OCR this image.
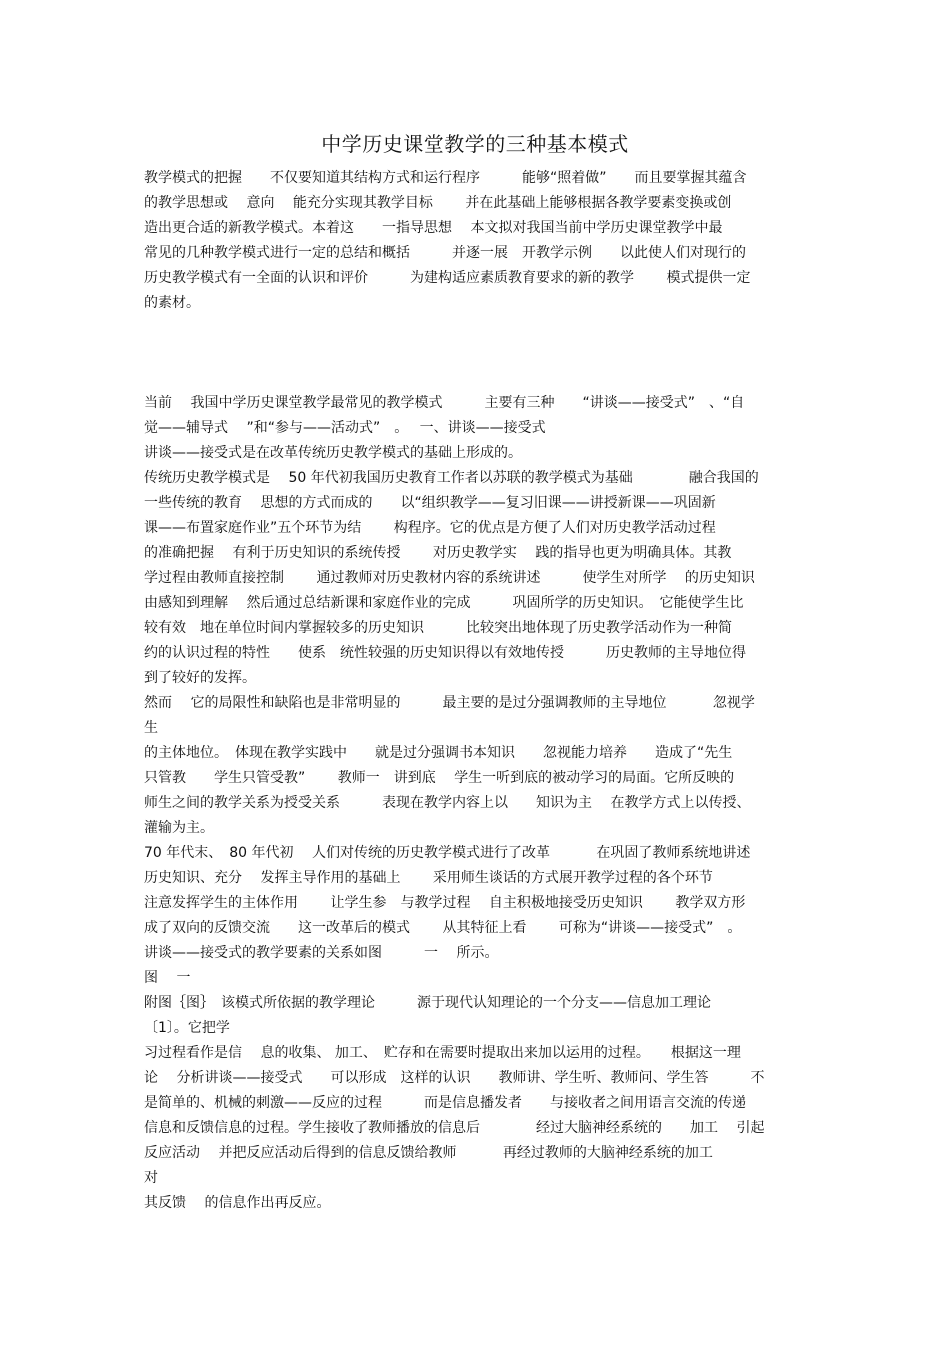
中学历史课堂教学的三种基本模式
教学模式的把握　　不仅要知道其结构方式和运行程序　　　能够“照着做”　　而且要掌握其蕴含
的教学思想或　 意向　 能充分实现其教学目标　　 并在此基础上能够根据各教学要素变换或创
造出更合适的新教学模式。本着这　　一指导思想　 本文拟对我国当前中学历史课堂教学中最
常见的几种教学模式进行一定的总结和概括　　　并逐一展　开教学示例　　以此使人们对现行的
历史教学模式有一全面的认识和评价　　　为建构适应素质教育要求的新的教学　　 模式提供一定
的素材。
当前　 我国中学历史课堂教学最常见的教学模式　　　主要有三种　　“讲谈——接受式”　、“自
觉——辅导式　 ”和“参与——活动式”　。　 一、讲谈——接受式
讲谈——接受式是在改革传统历史教学模式的基础上形成的。
传统历史教学模式是　 50 年代初我国历史教育工作者以苏联的教学模式为基础　　　　融合我国的
一些传统的教育　 思想的方式而成的　　以“组织教学——复习旧课——讲授新课——巩固新
课——布置家庭作业”五个环节为结　　 构程序。它的优点是方便了人们对历史教学活动过程
的准确把握　 有利于历史知识的系统传授　　 对历史教学实　 践的指导也更为明确具体。其教
学过程由教师直接控制　　 通过教师对历史教材内容的系统讲述　　　使学生对所学　 的历史知识
由感知到理解　 然后通过总结新课和家庭作业的完成　　　巩固所学的历史知识。　它能使学生比
较有效　地在单位时间内掌握较多的历史知识　　　比较突出地体现了历史教学活动作为一种简
约的认识过程的特性　　使系　统性较强的历史知识得以有效地传授　　　历史教师的主导地位得
到了较好的发挥。
然而　 它的局限性和缺陷也是非常明显的　　　最主要的是过分强调教师的主导地位　　　 忽视学
生
的主体地位。　体现在教学实践中　　就是过分强调书本知识　　忽视能力培养　　造成了“先生
只管教　　学生只管受教”　　 教师一　讲到底　 学生一听到底的被动学习的局面。它所反映的
师生之间的教学关系为授受关系　　　表现在教学内容上以　　知识为主　 在教学方式上以传授、
灌输为主。
70 年代末、　80 年代初　 人们对传统的历史教学模式进行了改革　　　 在巩固了教师系统地讲述
历史知识、充分　 发挥主导作用的基础上　　 采用师生谈话的方式展开教学过程的各个环节
注意发挥学生的主体作用　　 让学生参　与教学过程　 自主积极地接受历史知识　　 教学双方形
成了双向的反馈交流　　这一改革后的模式　　 从其特征上看　　 可称为“讲谈——接受式”　。
讲谈——接受式的教学要素的关系如图　　　一　 所示。
图　 一
附图｛图｝　该模式所依据的教学理论　　　源于现代认知理论的一个分支——信息加工理论
〔1〕。它把学
习过程看作是信　 息的收集、 加工、　贮存和在需要时提取出来加以运用的过程。　　根据这一理
论　 分析讲谈——接受式　　可以形成　这样的认识　　教师讲、学生听、教师问、学生答　　　不
是简单的、机械的刺激——反应的过程　　　而是信息播发者　　与接收者之间用语言交流的传递
信息和反馈信息的过程。学生接收了教师播放的信息后　　　　经过大脑神经系统的　　加工　 引起
反应活动　 并把反应活动后得到的信息反馈给教师　　　 再经过教师的大脑神经系统的加工
对
其反馈　 的信息作出再反应。
